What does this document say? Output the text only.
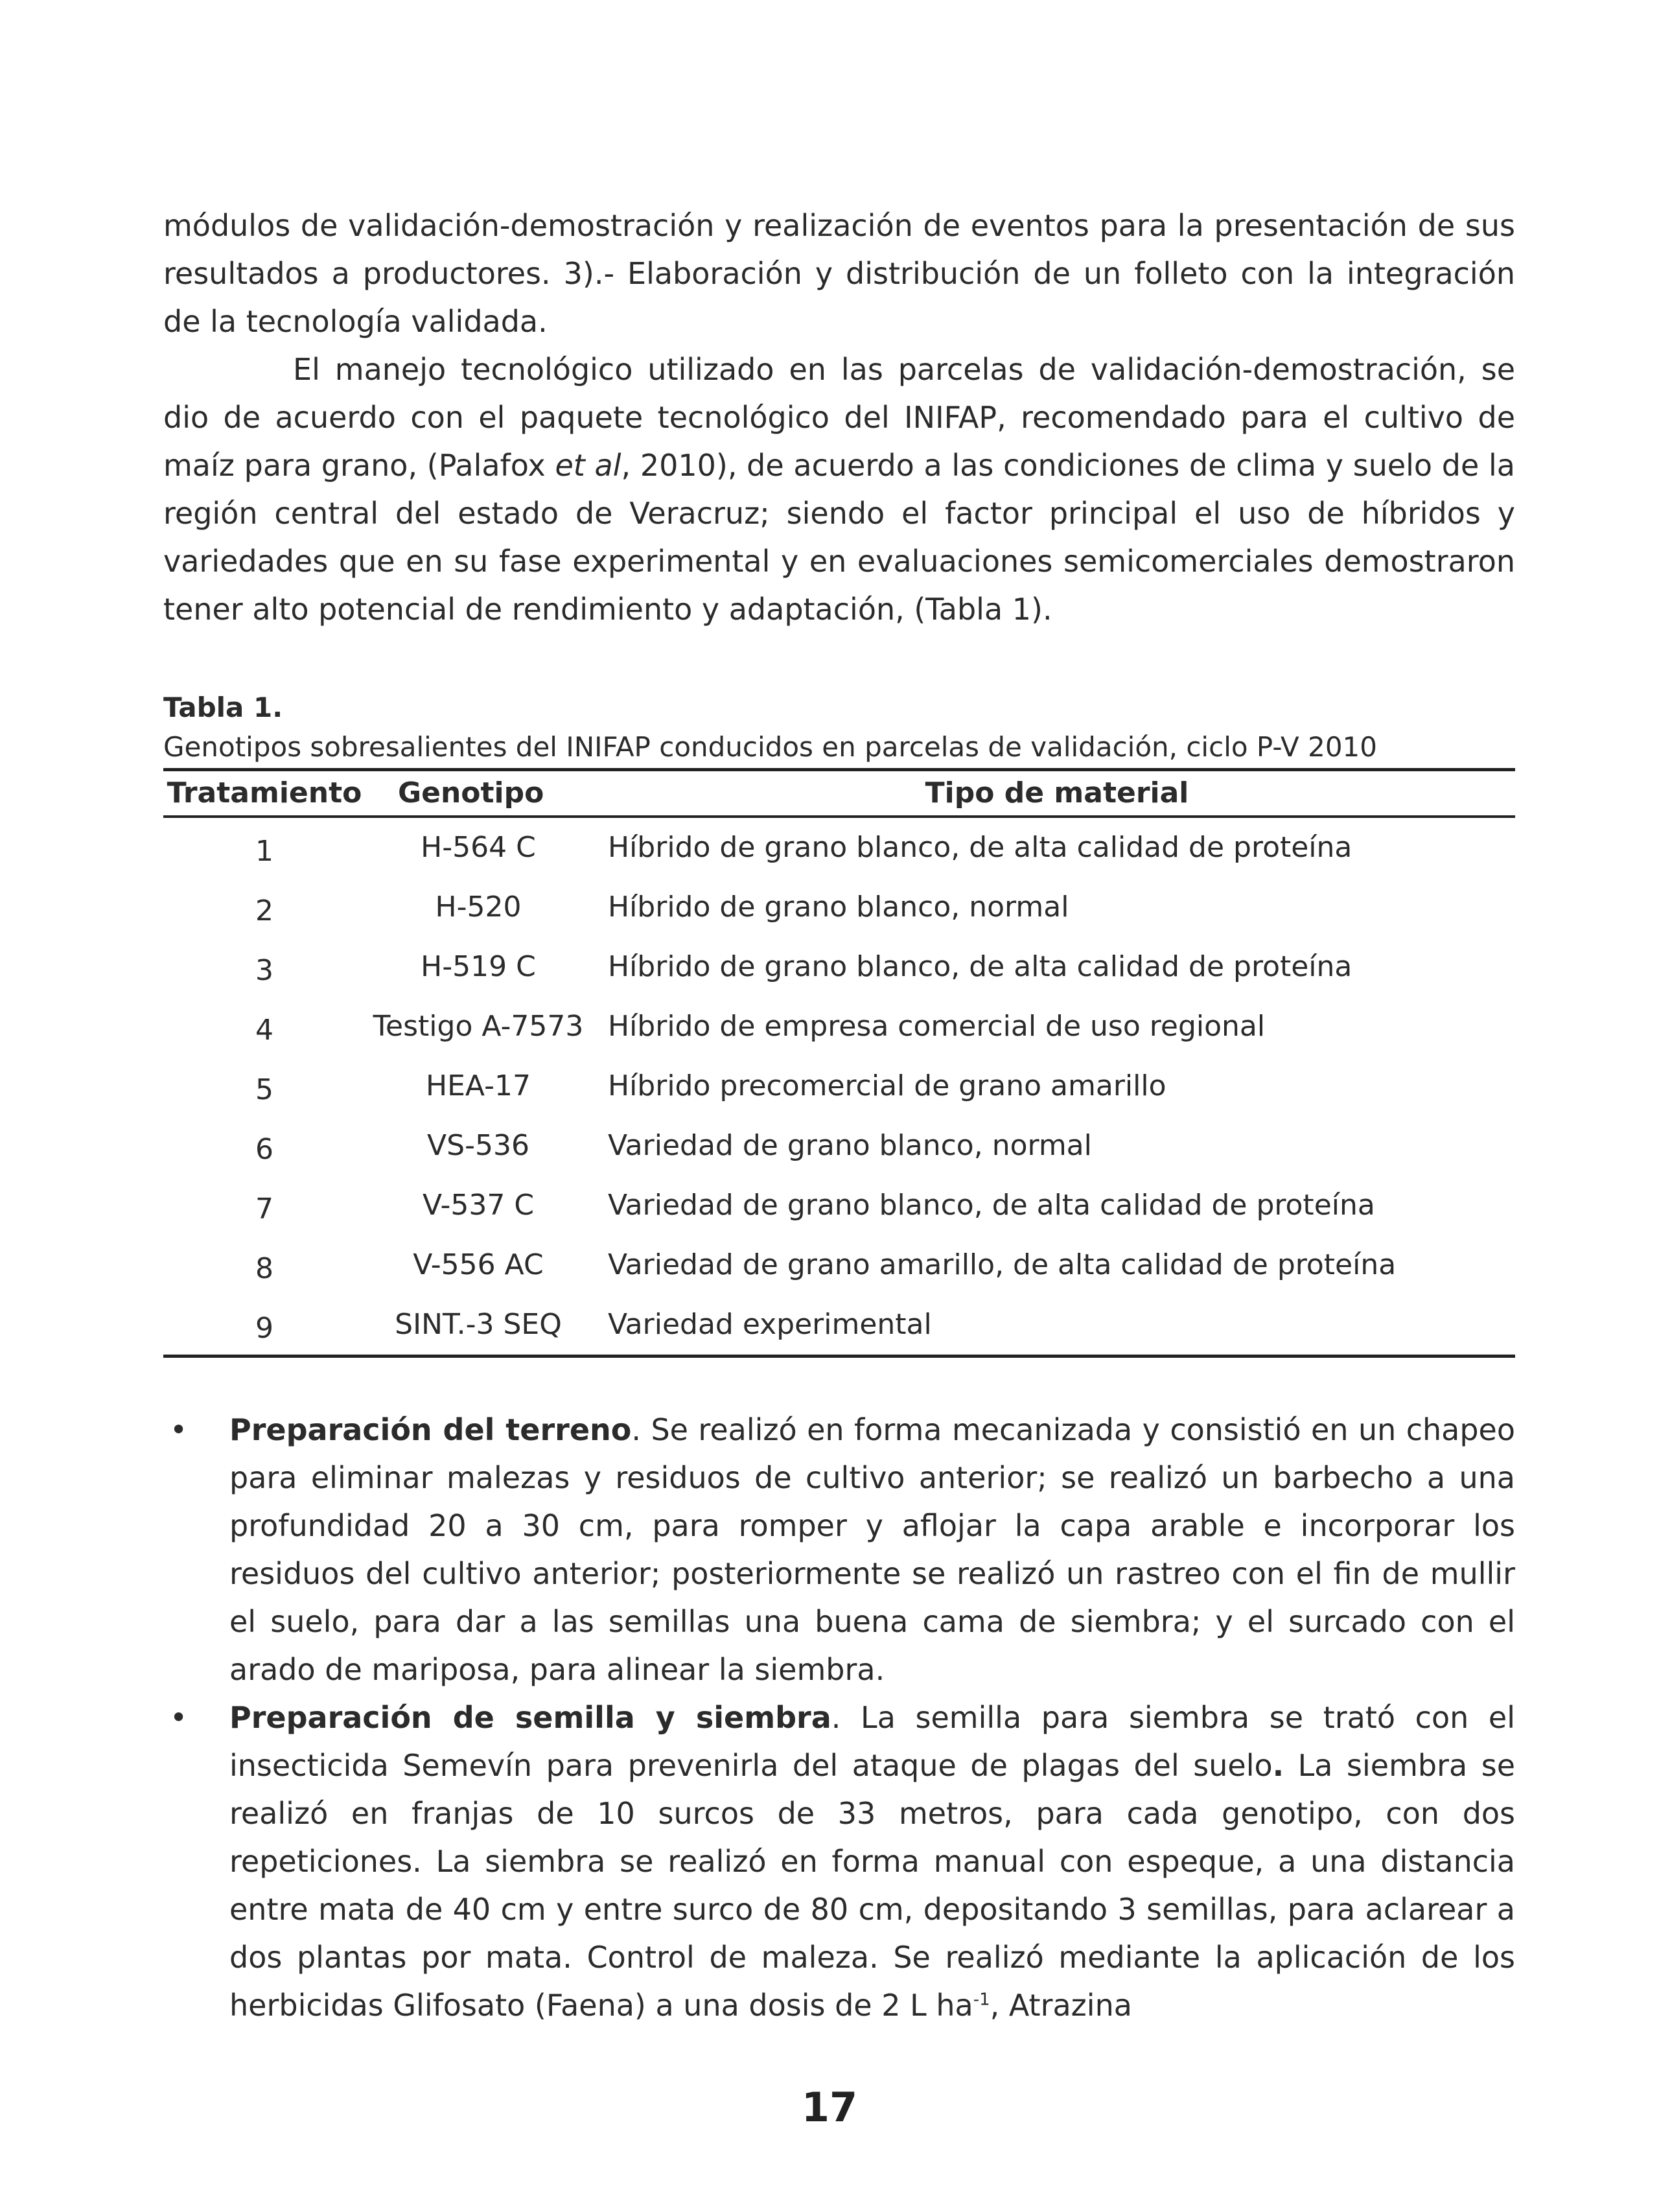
módulos de validación-demostración y realización de eventos para la presentación de sus resultados a productores. 3).- Elaboración y distribución de un folleto con la integración de la tecnología validada.

El manejo tecnológico utilizado en las parcelas de validación-demostración, se dio de acuerdo con el paquete tecnológico del INIFAP, recomendado para el cultivo de maíz para grano, (Palafox et al, 2010), de acuerdo a las condiciones de clima y suelo de la región central del estado de Veracruz; siendo el factor principal el uso de híbridos y variedades que en su fase experimental y en evaluaciones semicomerciales demostraron tener alto potencial de rendimiento y adaptación, (Tabla 1).

Tabla 1.
Genotipos sobresalientes del INIFAP conducidos en parcelas de validación, ciclo P-V 2010
Tratamiento	Genotipo	Tipo de material
1	H-564 C	Híbrido de grano blanco, de alta calidad de proteína
2	H-520	Híbrido de grano blanco, normal
3	H-519 C	Híbrido de grano blanco, de alta calidad de proteína
4	Testigo A-7573	Híbrido de empresa comercial de uso regional
5	HEA-17	Híbrido precomercial de grano amarillo
6	VS-536	Variedad de grano blanco, normal
7	V-537 C	Variedad de grano blanco, de alta calidad de proteína
8	V-556 AC	Variedad de grano amarillo, de alta calidad de proteína
9	SINT.-3 SEQ	Variedad experimental
• Preparación del terreno. Se realizó en forma mecanizada y consistió en un chapeo para eliminar malezas y residuos de cultivo anterior; se realizó un barbecho a una profundidad 20 a 30 cm, para romper y aflojar la capa arable e incorporar los residuos del cultivo anterior; posteriormente se realizó un rastreo con el fin de mullir el suelo, para dar a las semillas una buena cama de siembra; y el surcado con el arado de mariposa, para alinear la siembra.
• Preparación de semilla y siembra. La semilla para siembra se trató con el insecticida Semevín para prevenirla del ataque de plagas del suelo. La siembra se realizó en franjas de 10 surcos de 33 metros, para cada genotipo, con dos repeticiones. La siembra se realizó en forma manual con espeque, a una distancia entre mata de 40 cm y entre surco de 80 cm, depositando 3 semillas, para aclarear a dos plantas por mata. Control de maleza. Se realizó mediante la aplicación de los herbicidas Glifosato (Faena) a una dosis de 2 L $ha^{-1}$, Atrazina
17
